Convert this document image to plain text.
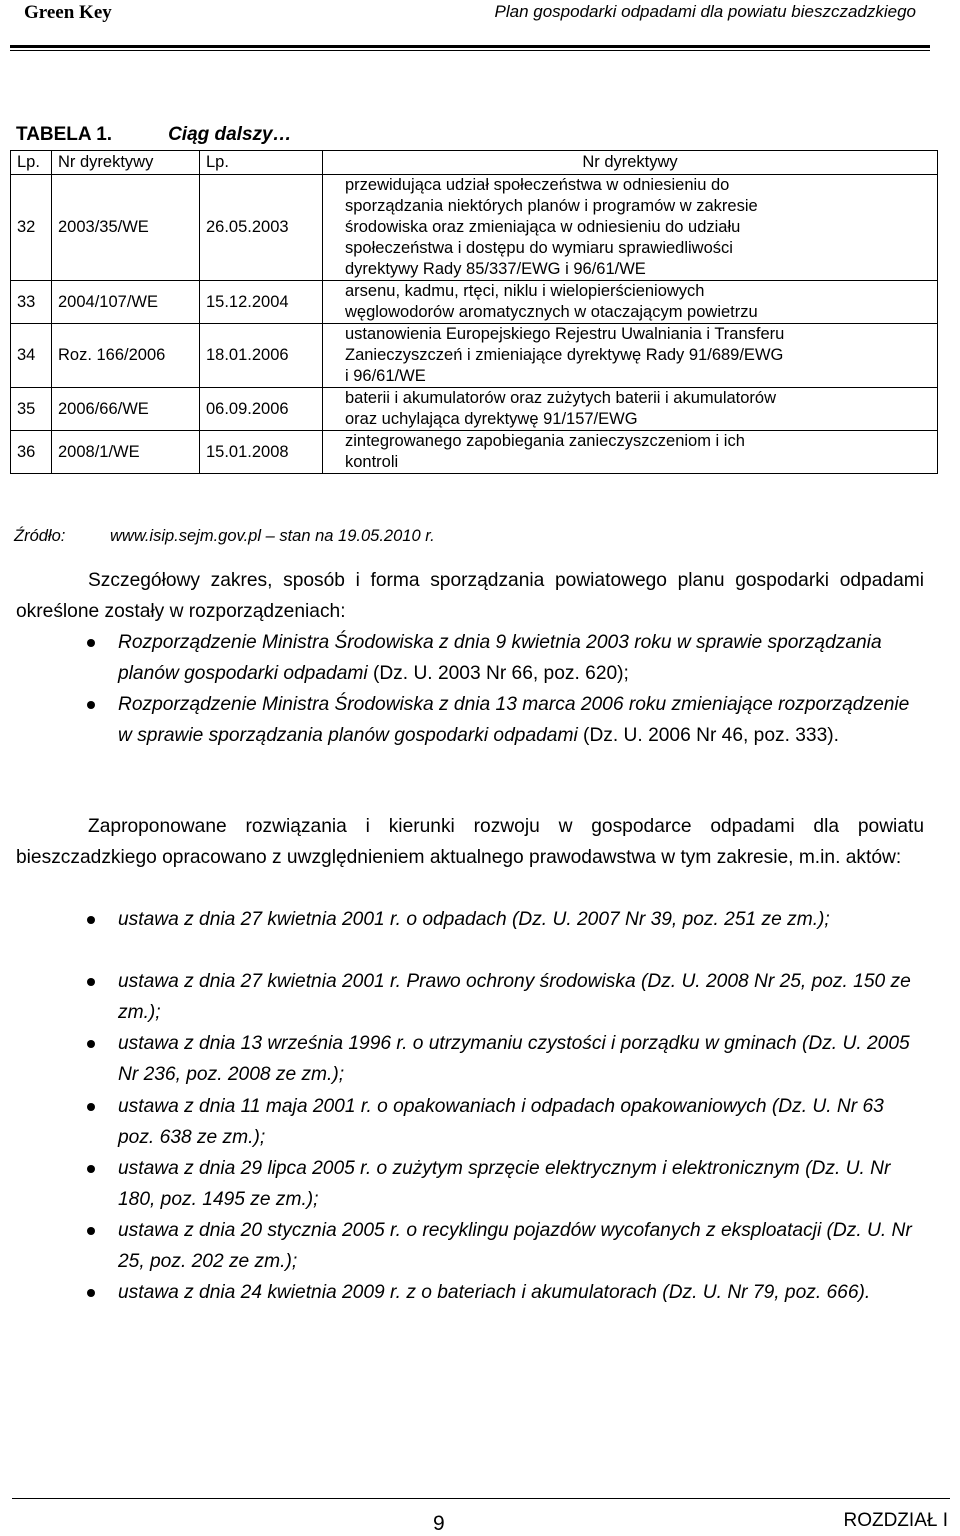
Green Key	Plan gospodarki odpadami dla powiatu bieszczadzkiego
TABELA 1.	Ciąg dalszy…
Lp.	Nr dyrektywy	Lp.	Nr dyrektywy
32	2003/35/WE	26.05.2003	przewidująca udział społeczeństwa w odniesieniu do
sporządzania niektórych planów i programów w zakresie
środowiska oraz zmieniająca w odniesieniu do udziału
społeczeństwa i dostępu do wymiaru sprawiedliwości
dyrektywy Rady 85/337/EWG i 96/61/WE
33	2004/107/WE	15.12.2004	arsenu, kadmu, rtęci, niklu i wielopierścieniowych
węglowodorów aromatycznych w otaczającym powietrzu
34	Roz. 166/2006	18.01.2006	ustanowienia Europejskiego Rejestru Uwalniania i Transferu
Zanieczyszczeń i zmieniające dyrektywę Rady 91/689/EWG
i 96/61/WE
35	2006/66/WE	06.09.2006	baterii i akumulatorów oraz zużytych baterii i akumulatorów
oraz uchylająca dyrektywę 91/157/EWG
36	2008/1/WE	15.01.2008	zintegrowanego zapobiegania zanieczyszczeniom i ich
kontroli
Źródło:	www.isip.sejm.gov.pl – stan na 19.05.2010 r.
Szczegółowy zakres, sposób i forma sporządzania powiatowego planu gospodarki odpadami określone zostały w rozporządzeniach:
Rozporządzenie Ministra Środowiska z dnia 9 kwietnia 2003 roku w sprawie sporządzania planów gospodarki odpadami (Dz. U. 2003 Nr 66, poz. 620);
Rozporządzenie Ministra Środowiska z dnia 13 marca 2006 roku zmieniające rozporządzenie w sprawie sporządzania planów gospodarki odpadami (Dz. U. 2006 Nr 46, poz. 333).
Zaproponowane rozwiązania i kierunki rozwoju w gospodarce odpadami dla powiatu bieszczadzkiego opracowano z uwzględnieniem aktualnego prawodawstwa w tym zakresie, m.in. aktów:
ustawa z dnia 27 kwietnia 2001 r. o odpadach (Dz. U. 2007 Nr 39, poz. 251 ze zm.);
ustawa z dnia 27 kwietnia 2001 r. Prawo ochrony środowiska (Dz. U. 2008 Nr 25, poz. 150 ze zm.);
ustawa z dnia 13 września 1996 r. o utrzymaniu czystości i porządku w gminach (Dz. U. 2005 Nr 236, poz. 2008 ze zm.);
ustawa z dnia 11 maja 2001 r. o opakowaniach i odpadach opakowaniowych (Dz. U. Nr 63 poz. 638 ze zm.);
ustawa z dnia 29 lipca 2005 r. o zużytym sprzęcie elektrycznym i elektronicznym (Dz. U. Nr 180, poz. 1495 ze zm.);
ustawa z dnia 20 stycznia 2005 r. o recyklingu pojazdów wycofanych z eksploatacji (Dz. U. Nr 25, poz. 202 ze zm.);
ustawa z dnia 24 kwietnia 2009 r. z o bateriach i akumulatorach (Dz. U. Nr 79, poz. 666).
9	ROZDZIAŁ I
